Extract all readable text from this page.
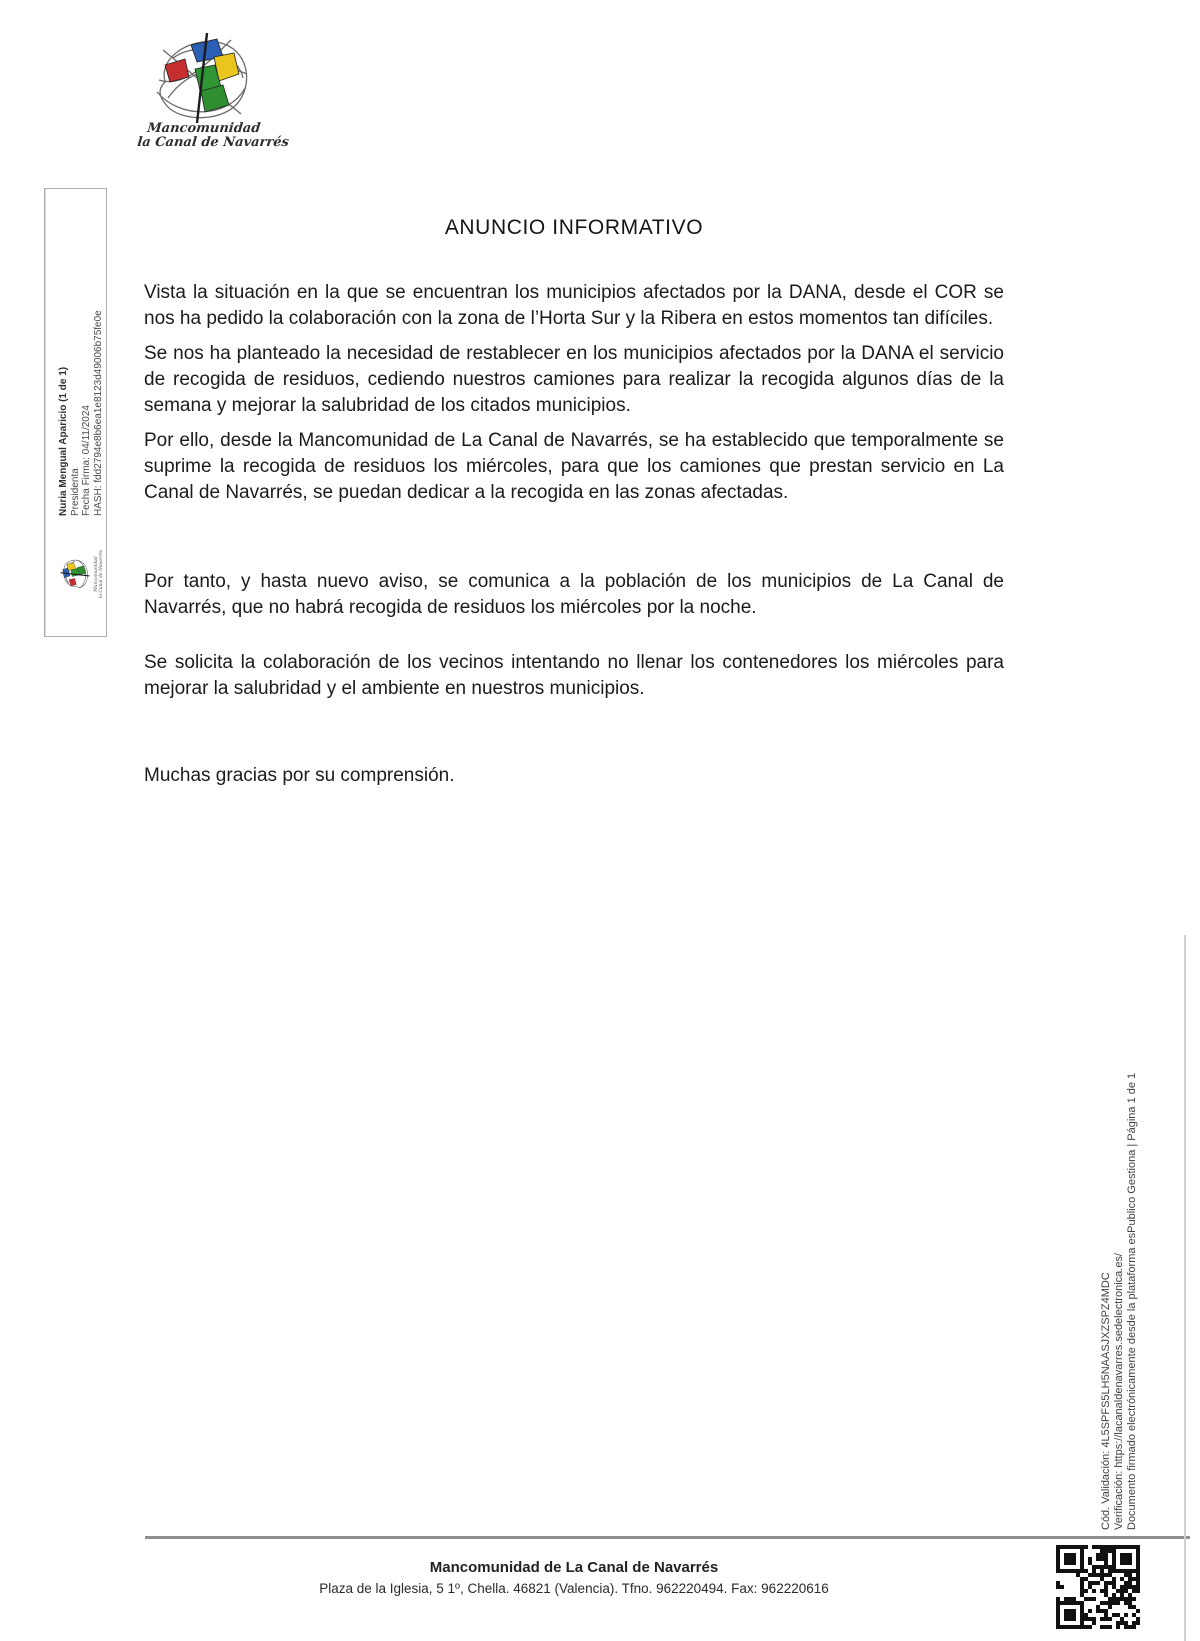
Mancomunidad
la Canal de Navarrés
Nuria Mengual Aparicio (1 de 1) Presidenta Fecha Firma: 04/11/2024 HASH: fdd2794e8b6ea1e8123d49006b75fe0e
Mancomunidad la Canal de Navarrés
ANUNCIO INFORMATIVO

Vista la situación en la que se encuentran los municipios afectados por la DANA, desde el COR se nos ha pedido la colaboración con la zona de l’Horta Sur y la Ribera en estos momentos tan difíciles.

Se nos ha planteado la necesidad de restablecer en los municipios afectados por la DANA el servicio de recogida de residuos, cediendo nuestros camiones para realizar la recogida algunos días de la semana y mejorar la salubridad de los citados municipios.

Por ello, desde la Mancomunidad de La Canal de Navarrés, se ha establecido que temporalmente se suprime la recogida de residuos los miércoles, para que los camiones que prestan servicio en La Canal de Navarrés, se puedan dedicar a la recogida en las zonas afectadas.

Por tanto, y hasta nuevo aviso, se comunica a la población de los municipios de La Canal de Navarrés, que no habrá recogida de residuos los miércoles por la noche.

Se solicita la colaboración de los vecinos intentando no llenar los contenedores los miércoles para mejorar la salubridad y el ambiente en nuestros municipios.

Muchas gracias por su comprensión.

Cód. Validación: 4L5SPFS5LH5NAASJXZSPZ4MDC Verificación: https://lacanaldenavarres.sedelectronica.es/ Documento firmado electrónicamente desde la plataforma esPublico Gestiona | Página 1 de 1
Mancomunidad de La Canal de Navarrés
Plaza de la Iglesia, 5 1º, Chella. 46821 (Valencia). Tfno. 962220494. Fax: 962220616
